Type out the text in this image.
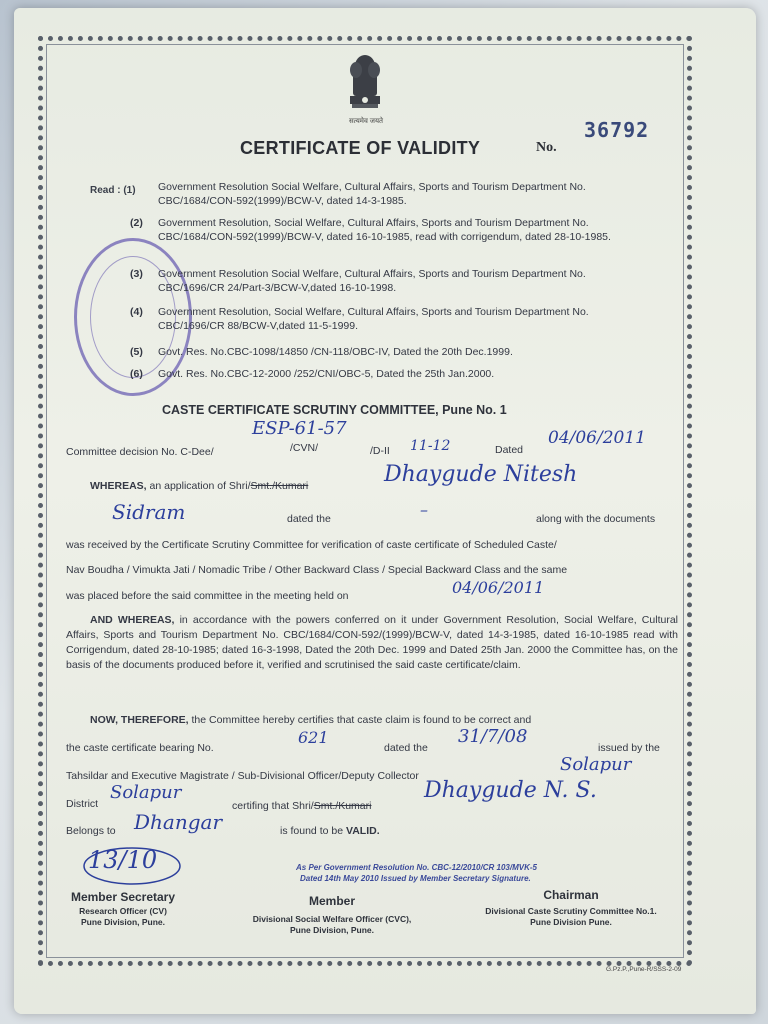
सत्यमेव जयते
CERTIFICATE OF VALIDITY	No.
36792
Read : (1)	Government Resolution Social Welfare, Cultural Affairs, Sports and Tourism Department No. CBC/1684/CON-592(1999)/BCW-V, dated 14-3-1985.
(2) Government Resolution, Social Welfare, Cultural Affairs, Sports and Tourism Department No. CBC/1684/CON-592(1999)/BCW-V, dated 16-10-1985, read with corrigendum, dated 28-10-1985.
(3) Government Resolution Social Welfare, Cultural Affairs, Sports and Tourism Department No. CBC/1696/CR 24/Part-3/BCW-V,dated 16-10-1998.
(4) Government Resolution, Social Welfare, Cultural Affairs, Sports and Tourism Department No. CBC/1696/CR 88/BCW-V,dated 11-5-1999.
(5) Govt. Res. No.CBC-1098/14850 /CN-118/OBC-IV, Dated the 20th Dec.1999.
(6) Govt. Res. No.CBC-12-2000 /252/CNI/OBC-5, Dated the 25th Jan.2000.
CASTE CERTIFICATE SCRUTINY COMMITTEE, Pune No. 1
Committee decision No. C-Dee/	/CVN/	/D-II	Dated
ESP-61-57
11-12	04/06/2011
WHEREAS, an application of Shri/Smt./Kumari	Dhaygude Nitesh
Sidram	dated the	–	along with the documents
was received by the Certificate Scrutiny Committee for verification of caste certificate of Scheduled Caste/
Nav Boudha / Vimukta Jati / Nomadic Tribe / Other Backward Class / Special Backward Class and the same
was placed before the said committee in the meeting held on	04/06/2011
AND WHEREAS, in accordance with the powers conferred on it under Government Resolution, Social Welfare, Cultural Affairs, Sports and Tourism Department No. CBC/1684/CON-592/(1999)/BCW-V, dated 14-3-1985, dated 16-10-1985 read with Corrigendum, dated 28-10-1985; dated 16-3-1998, Dated the 20th Dec. 1999 and Dated 25th Jan. 2000 the Committee has, on the basis of the documents produced before it, verified and scrutinised the said caste certificate/claim.
NOW, THEREFORE, the Committee hereby certifies that caste claim is found to be correct and
the caste certificate bearing No.
621
dated the
31/7/08
issued by the
Tahsildar and Executive Magistrate / Sub-Divisional Officer/Deputy Collector
Solapur
District
Solapur
certifing that Shri/Smt./Kumari
Dhaygude N. S.
Belongs to Dhangar	is found to be VALID.
13/10	As Per Government Resolution No. CBC-12/2010/CR 103/MVK-5
Dated 14th May 2010 Issued by Member Secretary Signature.
Member Secretary
Research Officer (CV)
Pune Division, Pune.
Member
Divisional Social Welfare Officer (CVC),
Pune Division, Pune.
Chairman
Divisional Caste Scrutiny Committee No.1.
Pune Division Pune.
G.Pz.P.,Pune-R/SSS-2-09
